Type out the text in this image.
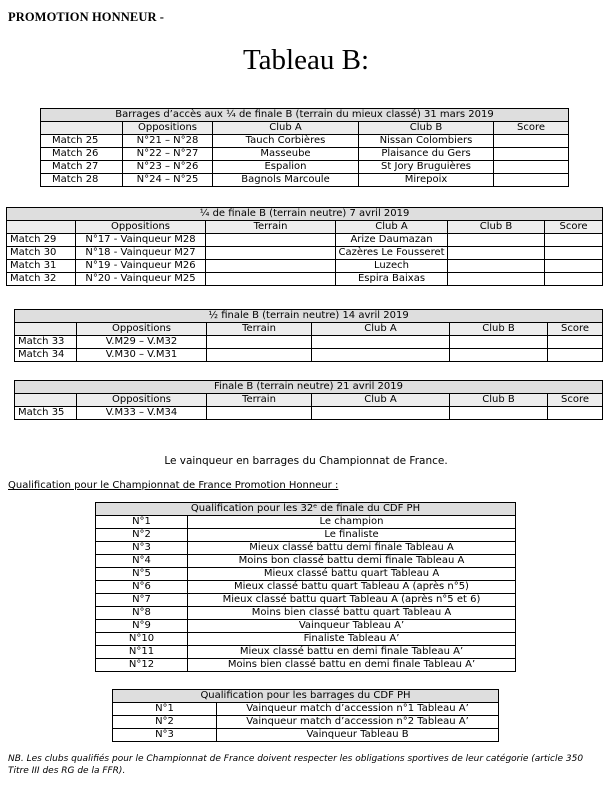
PROMOTION HONNEUR -
Tableau B:
Barrages d’accès aux ¼ de finale B (terrain du mieux classé) 31 mars 2019				
	Oppositions	Club A	Club B	Score
Match 25	N°21 – N°28	Tauch Corbières	Nissan Colombiers	
Match 26	N°22 – N°27	Masseube	Plaisance du Gers	
Match 27	N°23 – N°26	Espalion	St Jory Bruguières	
Match 28	N°24 – N°25	Bagnols Marcoule	Mirepoix	
¼ de finale B (terrain neutre) 7 avril 2019					
	Oppositions	Terrain	Club A	Club B	Score
Match 29	N°17 - Vainqueur M28		Arize Daumazan		
Match 30	N°18 - Vainqueur M27		Cazères Le Fousseret		
Match 31	N°19 - Vainqueur M26		Luzech		
Match 32	N°20 - Vainqueur M25		Espira Baixas		
½ finale B (terrain neutre) 14 avril 2019					
	Oppositions	Terrain	Club A	Club B	Score
Match 33	V.M29 – V.M32				
Match 34	V.M30 – V.M31				
Finale B (terrain neutre) 21 avril 2019					
	Oppositions	Terrain	Club A	Club B	Score
Match 35	V.M33 – V.M34				
Le vainqueur en barrages du Championnat de France.
Qualification pour le Championnat de France Promotion Honneur :
Qualification pour les 32ᵉ de finale du CDF PH	
N°1	Le champion
N°2	Le finaliste
N°3	Mieux classé battu demi finale Tableau A
N°4	Moins bon classé battu demi finale Tableau A
N°5	Mieux classé battu quart Tableau A
N°6	Mieux classé battu quart Tableau A (après n°5)
N°7	Mieux classé battu quart Tableau A (après n°5 et 6)
N°8	Moins bien classé battu quart Tableau A
N°9	Vainqueur Tableau A’
N°10	Finaliste Tableau A’
N°11	Mieux classé battu en demi finale Tableau A’
N°12	Moins bien classé battu en demi finale Tableau A’
Qualification pour les barrages du CDF PH	
N°1	Vainqueur match d’accession n°1 Tableau A’
N°2	Vainqueur match d’accession n°2 Tableau A’
N°3	Vainqueur Tableau B
NB. Les clubs qualifiés pour le Championnat de France doivent respecter les obligations sportives de leur catégorie (article 350 Titre III des RG de la FFR).
